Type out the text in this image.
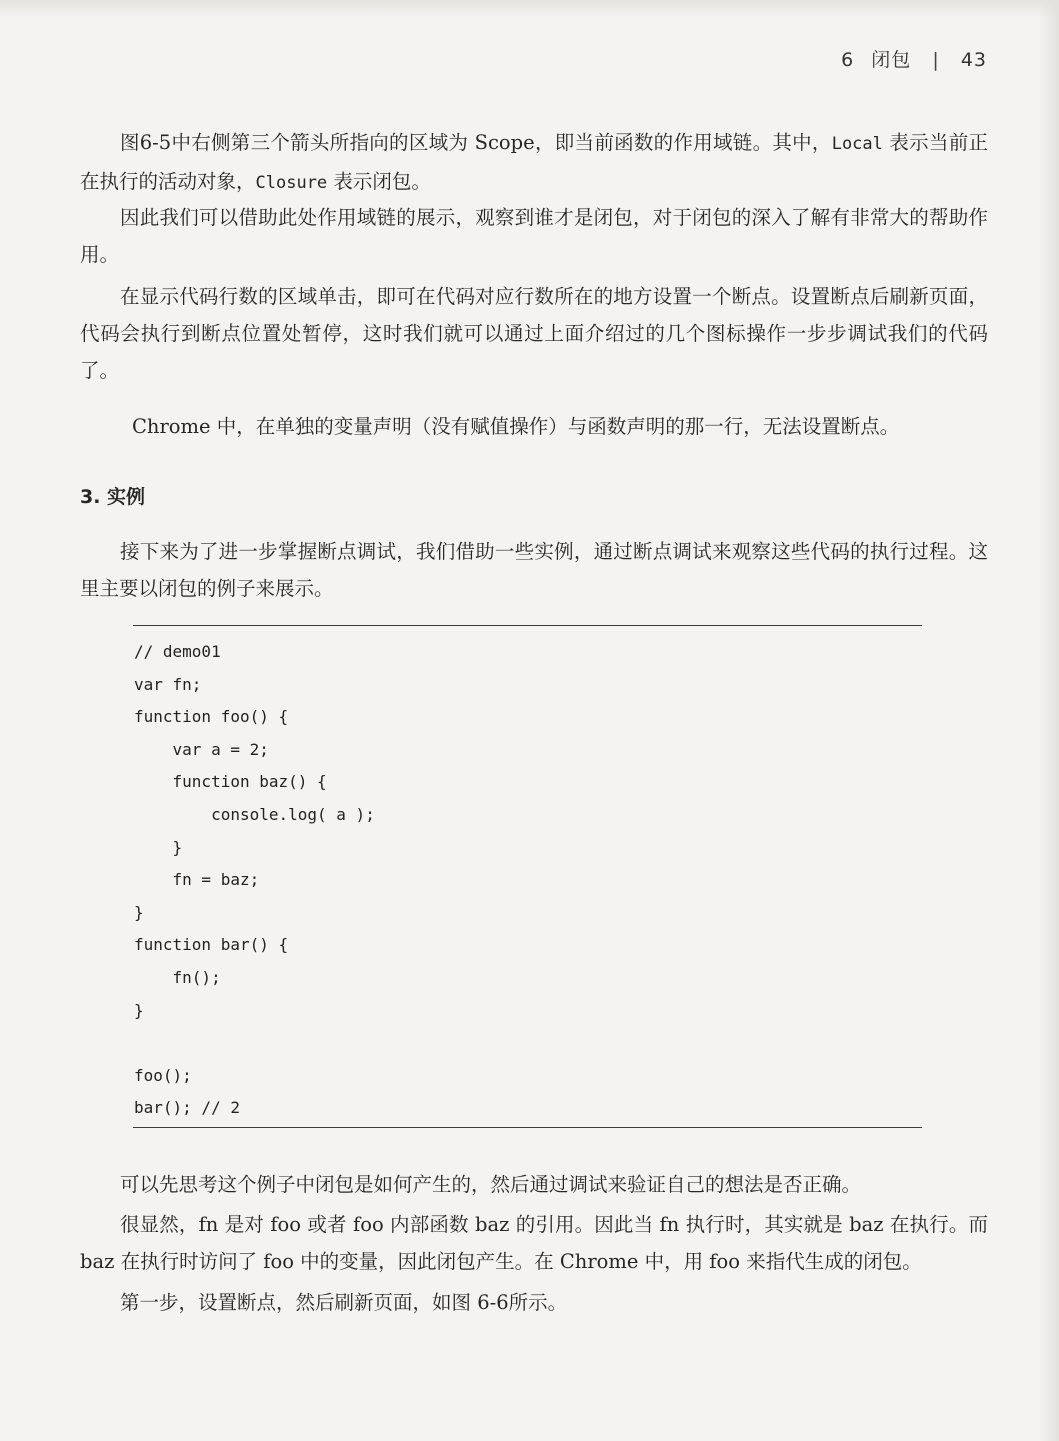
6 闭包 | 43

图6-5中右侧第三个箭头所指向的区域为 Scope，即当前函数的作用域链。其中，Local 表示当前正在执行的活动对象，Closure 表示闭包。

因此我们可以借助此处作用域链的展示，观察到谁才是闭包，对于闭包的深入了解有非常大的帮助作用。

在显示代码行数的区域单击，即可在代码对应行数所在的地方设置一个断点。设置断点后刷新页面，代码会执行到断点位置处暂停，这时我们就可以通过上面介绍过的几个图标操作一步步调试我们的代码了。

Chrome 中，在单独的变量声明（没有赋值操作）与函数声明的那一行，无法设置断点。

3. 实例

接下来为了进一步掌握断点调试，我们借助一些实例，通过断点调试来观察这些代码的执行过程。这里主要以闭包的例子来展示。

// demo01
var fn;
function foo() {
var a = 2;
function baz() {
console.log( a );
}
fn = baz;
}
function bar() {
fn();
}
foo();
bar(); // 2

可以先思考这个例子中闭包是如何产生的，然后通过调试来验证自己的想法是否正确。

很显然，fn 是对 foo 或者 foo 内部函数 baz 的引用。因此当 fn 执行时，其实就是 baz 在执行。而 baz 在执行时访问了 foo 中的变量，因此闭包产生。在 Chrome 中，用 foo 来指代生成的闭包。

第一步，设置断点，然后刷新页面，如图 6-6所示。
